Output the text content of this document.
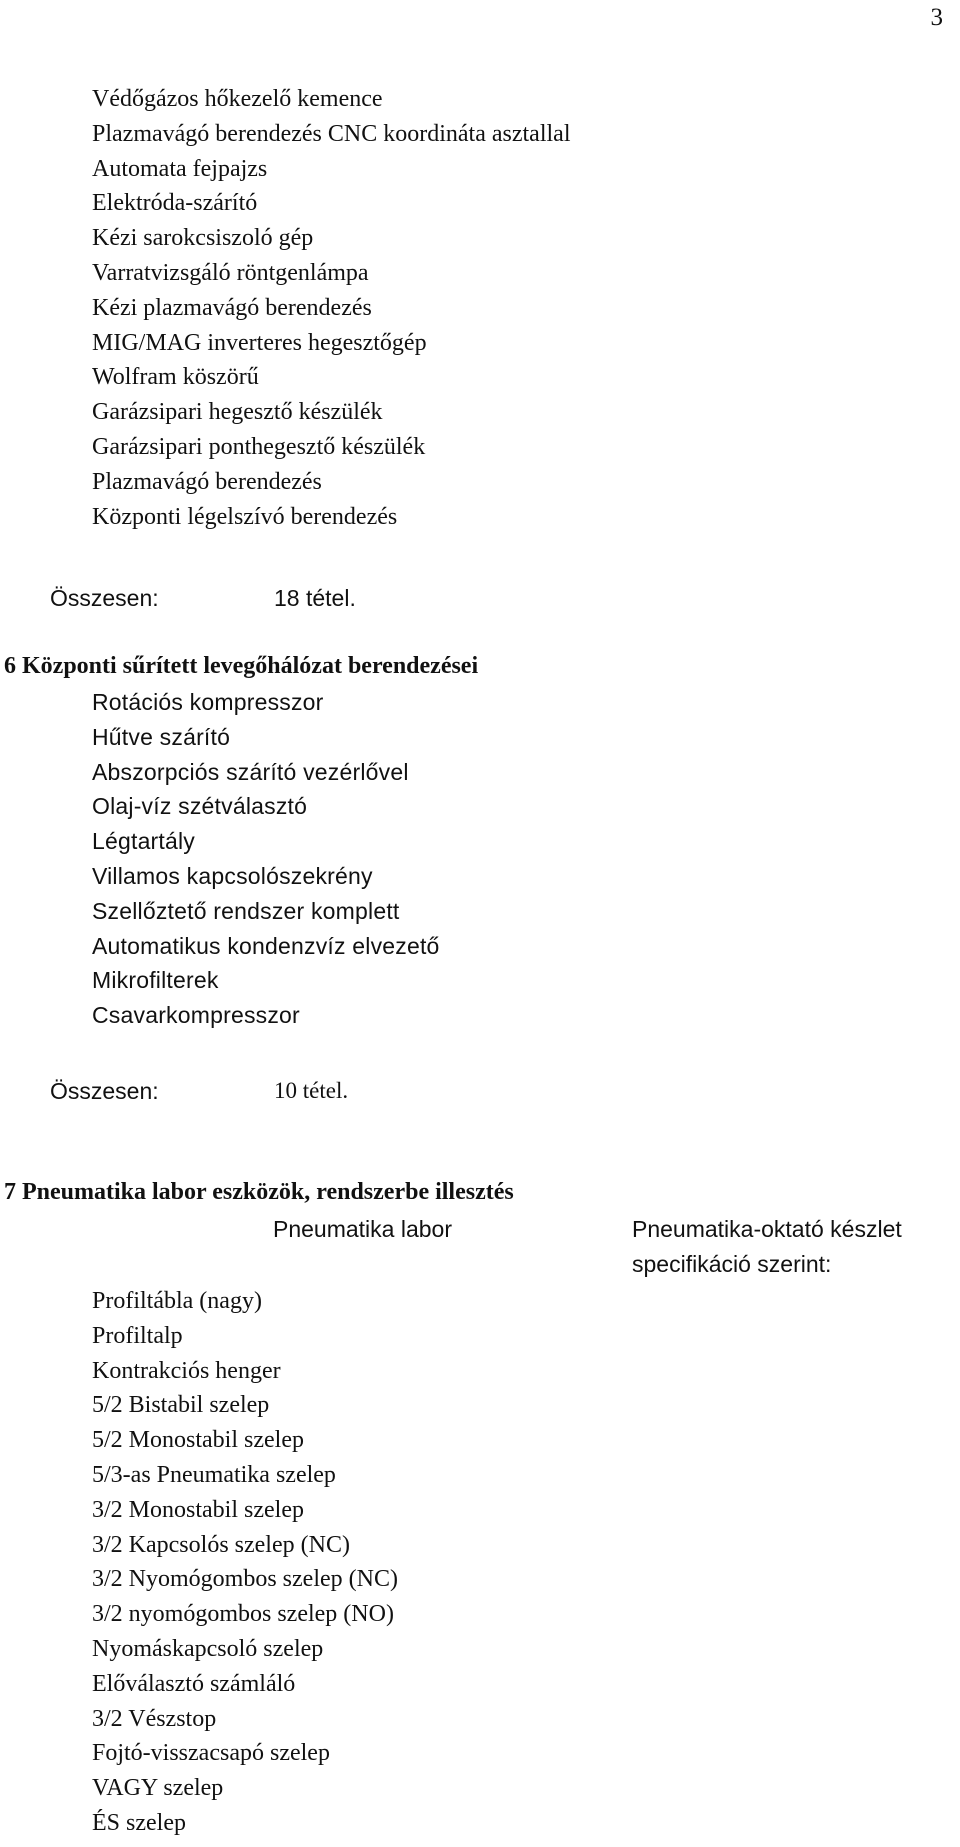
3
Védőgázos hőkezelő kemence
Plazmavágó berendezés CNC koordináta asztallal
Automata fejpajzs
Elektróda-szárító
Kézi sarokcsiszoló gép
Varratvizsgáló röntgenlámpa
Kézi plazmavágó berendezés
MIG/MAG inverteres hegesztőgép
Wolfram köszörű
Garázsipari hegesztő készülék
Garázsipari ponthegesztő készülék
Plazmavágó berendezés
Központi légelszívó berendezés
Összesen:	18 tétel.
6 Központi sűrített levegőhálózat berendezései
Rotációs kompresszor
Hűtve szárító
Abszorpciós szárító vezérlővel
Olaj-víz szétválasztó
Légtartály
Villamos kapcsolószekrény
Szellőztető rendszer komplett
Automatikus kondenzvíz elvezető
Mikrofilterek
Csavarkompresszor
Összesen:	10 tétel.
7 Pneumatika labor eszközök, rendszerbe illesztés
Pneumatika labor	Pneumatika-oktató készlet
specifikáció szerint:
Profiltábla (nagy)
Profiltalp
Kontrakciós henger
5/2 Bistabil szelep
5/2 Monostabil szelep
5/3-as Pneumatika szelep
3/2 Monostabil szelep
3/2 Kapcsolós szelep (NC)
3/2 Nyomógombos szelep (NC)
3/2 nyomógombos szelep (NO)
Nyomáskapcsoló szelep
Előválasztó számláló
3/2 Vészstop
Fojtó-visszacsapó szelep
VAGY szelep
ÉS szelep
